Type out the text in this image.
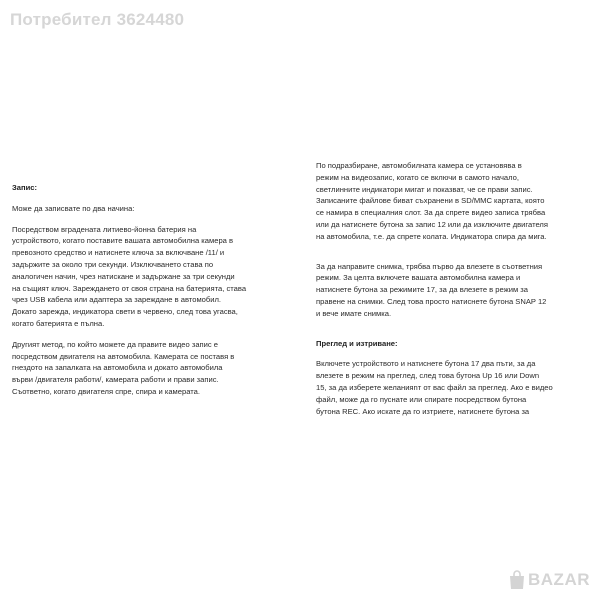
Потребител 3624480

Запис:

Може да записвате по два начина:

Посредством вградената литиево-йонна батерия на

устройството, когато поставите вашата автомобилна камера в

превозното средство и натиснете ключа за включване /11/ и

задържите за около три секунди. Изключването става по

аналогичен начин, чрез натискане и задържане за три секунди

на същият ключ. Зареждането от своя страна на батерията, става

чрез USB кабела или адаптера за зареждане в автомобил.

Докато зарежда, индикатора свети в червено, след това угасва,

когато батерията е пълна.

Другият метод, по който можете да правите видео запис е

посредством двигателя на автомобила. Камерата се поставя в

гнездото на запалката на автомобила и докато автомобила

върви /двигателя работи/, камерата работи и прави запис.

Съответно, когато двигателя спре, спира и камерата.

По подразбиране, автомобилната камера се установява в

режим на видеозапис, когато се включи в самото начало,

светлинните индикатори мигат и показват, че се прави запис.

Записаните файлове биват съхранени в SD/MMC картата, която

се намира в специалния слот. За да спрете видео записа трябва

или да натиснете бутона за запис 12 или да изключите двигателя

на автомобила, т.е. да спрете колата. Индикатора спира да мига.

За да направите снимка, трябва първо да влезете в съответния

режим. За целта включете вашата автомобилна камера и

натиснете бутона за режимите 17, за да влезете в режим за

правене на снимки. След това просто натиснете бутона SNAP 12

и вече имате снимка.

Преглед и изтриване:

Включете устройството и натиснете бутона 17 два пъти, за да

влезете в режим на преглед, след това бутона Up 16 или Down

15, за да изберете желанияnт от вас файл за преглед. Ако е видео

файл, може да го пуснате или спирате посредством бутона

бутона REC. Ако искате да го изтриете, натиснете бутона за

BAZAR
